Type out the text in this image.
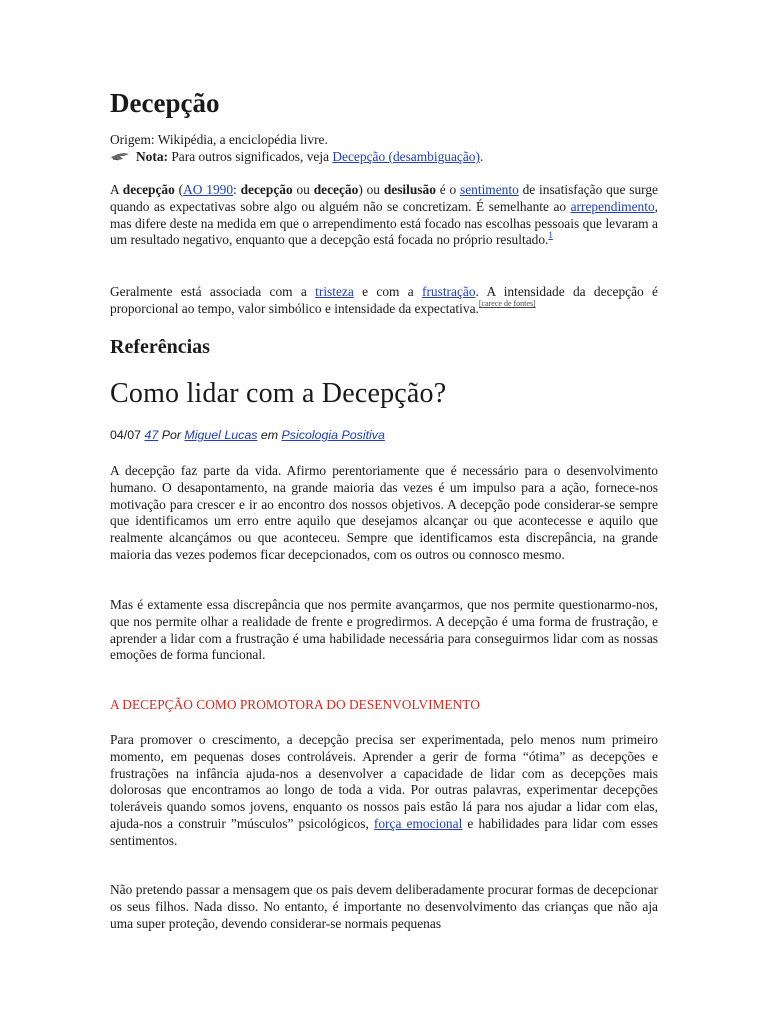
Decepção
Origem: Wikipédia, a enciclopédia livre.
Nota: Para outros significados, veja Decepção (desambiguação).
A decepção (AO 1990: decepção ou deceção) ou desilusão é o sentimento de insatisfação que surge quando as expectativas sobre algo ou alguém não se concretizam. É semelhante ao arrependimento, mas difere deste na medida em que o arrependimento está focado nas escolhas pessoais que levaram a um resultado negativo, enquanto que a decepção está focada no próprio resultado.$^1$
Geralmente está associada com a tristeza e com a frustração. A intensidade da decepção é proporcional ao tempo, valor simbólico e intensidade da expectativa.[carece de fontes]
Referências
Como lidar com a Decepção?
04/07 47 Por Miguel Lucas em Psicologia Positiva
A decepção faz parte da vida. Afirmo perentoriamente que é necessário para o desenvolvimento humano. O desapontamento, na grande maioria das vezes é um impulso para a ação, fornece-nos motivação para crescer e ir ao encontro dos nossos objetivos. A decepção pode considerar-se sempre que identificamos um erro entre aquilo que desejamos alcançar ou que acontecesse e aquilo que realmente alcançámos ou que aconteceu. Sempre que identificamos esta discrepância, na grande maioria das vezes podemos ficar decepcionados, com os outros ou connosco mesmo.
Mas é extamente essa discrepância que nos permite avançarmos, que nos permite questionarmo-nos, que nos permite olhar a realidade de frente e progredirmos. A decepção é uma forma de frustração, e aprender a lidar com a frustração é uma habilidade necessária para conseguirmos lidar com as nossas emoções de forma funcional.
A DECEPÇÃO COMO PROMOTORA DO DESENVOLVIMENTO
Para promover o crescimento, a decepção precisa ser experimentada, pelo menos num primeiro momento, em pequenas doses controláveis. Aprender a gerir de forma “ótima” as decepções e frustrações na infância ajuda-nos a desenvolver a capacidade de lidar com as decepções mais dolorosas que encontramos ao longo de toda a vida. Por outras palavras, experimentar decepções toleráveis quando somos jovens, enquanto os nossos pais estão lá para nos ajudar a lidar com elas, ajuda-nos a construir ”músculos” psicológicos, força emocional e habilidades para lidar com esses sentimentos.
Não pretendo passar a mensagem que os pais devem deliberadamente procurar formas de decepcionar os seus filhos. Nada disso. No entanto, é importante no desenvolvimento das crianças que não aja uma super proteção, devendo considerar-se normais pequenas
